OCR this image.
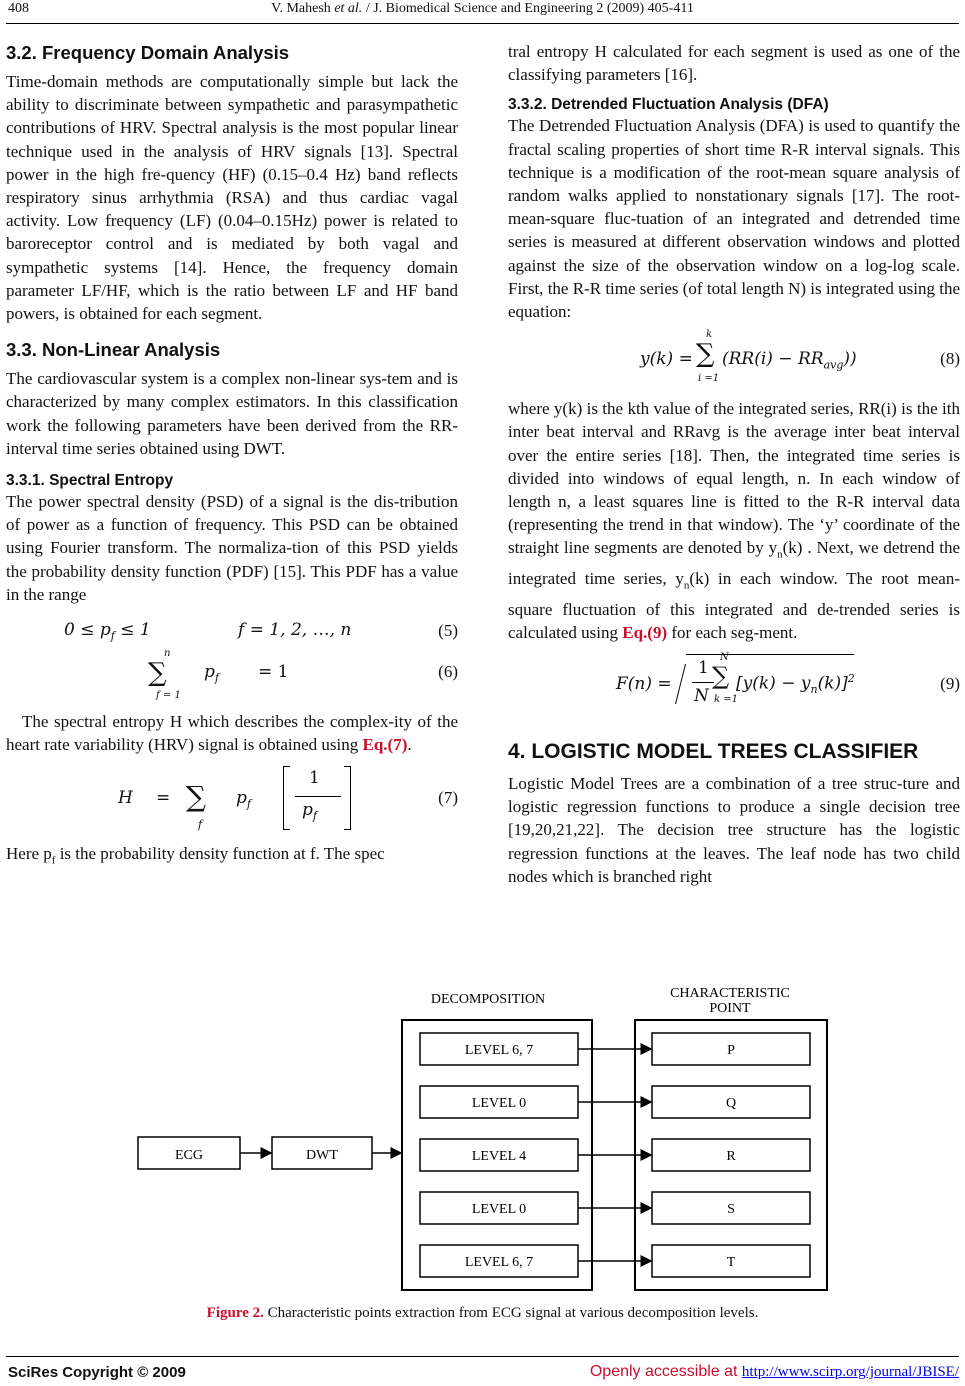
408	V. Mahesh et al. / J. Biomedical Science and Engineering 2 (2009) 405-411
3.2. Frequency Domain Analysis

Time-domain methods are computationally simple but lack the ability to discriminate between sympathetic and parasympathetic contributions of HRV. Spectral analysis is the most popular linear technique used in the analysis of HRV signals [13]. Spectral power in the high fre-quency (HF) (0.15–0.4 Hz) band reflects respiratory sinus arrhythmia (RSA) and thus cardiac vagal activity. Low frequency (LF) (0.04–0.15Hz) power is related to baroreceptor control and is mediated by both vagal and sympathetic systems [14]. Hence, the frequency domain parameter LF/HF, which is the ratio between LF and HF band powers, is obtained for each segment.

3.3. Non-Linear Analysis

The cardiovascular system is a complex non-linear sys-tem and is characterized by many complex estimators. In this classification work the following parameters have been derived from the RR-interval time series obtained using DWT.

3.3.1. Spectral Entropy

The power spectral density (PSD) of a signal is the dis-tribution of power as a function of frequency. This PSD can be obtained using Fourier transform. The normaliza-tion of this PSD yields the probability density function (PDF) [15]. This PDF has a value in the range

$0 \le p_f \le 1$	f = 1, 2, …, n	(5)
n
∑
f = 1
$p_f = 1$	(6)

The spectral entropy H which describes the complex-ity of the heart rate variability (HRV) signal is obtained using Eq.(7).

H = ∑
f
$p_f$
1
$p_f$
(7)

Here $p_f$ is the probability density function at f. The spec

tral entropy H calculated for each segment is used as one of the classifying parameters [16].

3.3.2. Detrended Fluctuation Analysis (DFA)

The Detrended Fluctuation Analysis (DFA) is used to quantify the fractal scaling properties of short time R-R interval signals. This technique is a modification of the root-mean square analysis of random walks applied to nonstationary signals [17]. The root-mean-square fluc-tuation of an integrated and detrended time series is measured at different observation windows and plotted against the size of the observation window on a log-log scale. First, the R-R time series (of total length N) is integrated using the equation:

y(k) =
k
∑
i =1
$(RR(i) - RR_{avg})$)	(8)

where y(k) is the kth value of the integrated series, RR(i) is the ith inter beat interval and RRavg is the average inter beat interval over the entire series [18]. Then, the integrated time series is divided into windows of equal length, n. In each window of length n, a least squares line is fitted to the R-R interval data (representing the trend in that window). The ‘y’ coordinate of the straight line segments are denoted by $y_n(k)$ . Next, we detrend the integrated time series, $y_n(k)$ in each window. The root mean-square fluctuation of this integrated and de-trended series is calculated using Eq.(9) for each seg-ment.

F(n) =
1
N
N
∑
k =1
$[y(k) - y_n(k)]^2$	(9)
4. LOGISTIC MODEL TREES CLASSIFIER

Logistic Model Trees are a combination of a tree struc-ture and logistic regression functions to produce a single decision tree [19,20,21,22]. The decision tree structure has the logistic regression functions at the leaves. The leaf node has two child nodes which is branched right

DECOMPOSITION	CHARACTERISTIC
POINT
ECG	DWT
LEVEL 6, 7	P
LEVEL 0	Q
LEVEL 4	R
LEVEL 0	S
LEVEL 6, 7	T
Figure 2. Characteristic points extraction from ECG signal at various decomposition levels.
SciRes Copyright © 2009	Openly accessible at http://www.scirp.org/journal/JBISE/
